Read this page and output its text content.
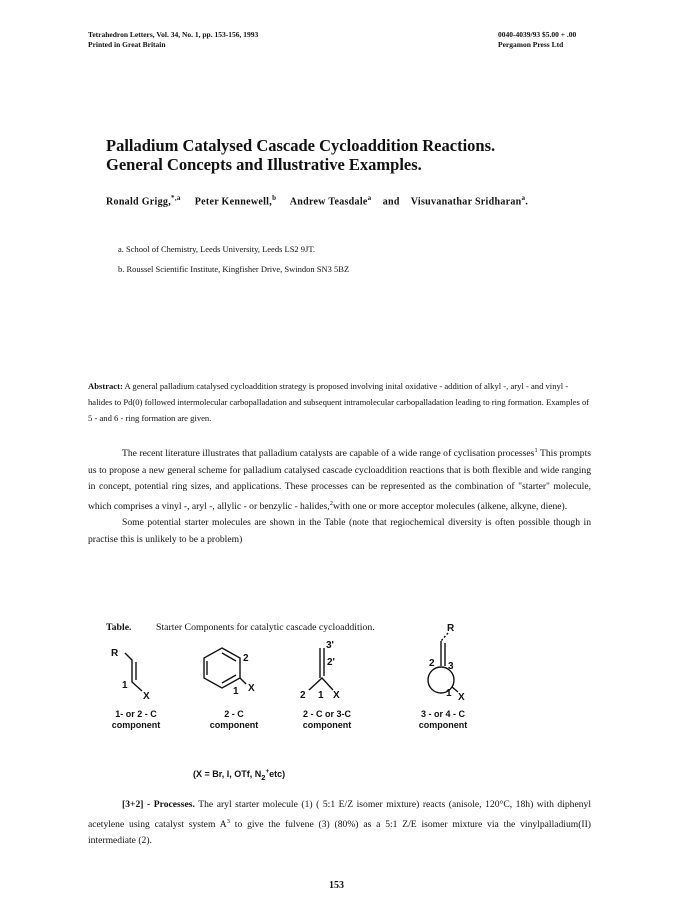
Tetrahedron Letters, Vol. 34, No. 1, pp. 153-156, 1993
Printed in Great Britain
0040-4039/93 $5.00 + .00
Pergamon Press Ltd
Palladium Catalysed Cascade Cycloaddition Reactions.
General Concepts and Illustrative Examples.
Ronald Grigg,$^{*,a}$ Peter Kennewell,$^b$ Andrew Teasdale$^a$ and Visuvanathar Sridharan$^a$.
a. School of Chemistry, Leeds University, Leeds LS2 9JT.
b. Roussel Scientific Institute, Kingfisher Drive, Swindon SN3 5BZ
Abstract: A general palladium catalysed cycloaddition strategy is proposed involving inital oxidative - addition of alkyl -, aryl - and vinyl - halides to Pd(0) followed intermolecular carbopalladation and subsequent intramolecular carbopalladation leading to ring formation. Examples of 5 - and 6 - ring formation are given.

The recent literature illustrates that palladium catalysts are capable of a wide range of cyclisation processes$^1$ This prompts us to propose a new general scheme for palladium catalysed cascade cycloaddition reactions that is both flexible and wide ranging in concept, potential ring sizes, and applications. These processes can be represented as the combination of "starter" molecule, which comprises a vinyl -, aryl -, allylic - or benzylic - halides,$^2$with one or more acceptor molecules (alkene, alkyne, diene).

Some potential starter molecules are shown in the Table (note that regiochemical diversity is often possible though in practise this is unlikely to be a problem)

Table. Starter Components for catalytic cascade cycloaddition.
R
1
X
2
1 X
3'
2'
2 1 X
R
2 3
1 X
1- or 2 - C
component
2 - C
component
2 - C or 3-C
component
3 - or 4 - C
component
(X = Br, I, OTf, $N_2^+etc$)
[3+2] - Processes. The aryl starter molecule (1) ( 5:1 E/Z isomer mixture) reacts (anisole, 120°C, 18h) with diphenyl acetylene using catalyst system $A^3$ to give the fulvene (3) (80%) as a 5:1 Z/E isomer mixture via the vinylpalladium(II) intermediate (2).
153
